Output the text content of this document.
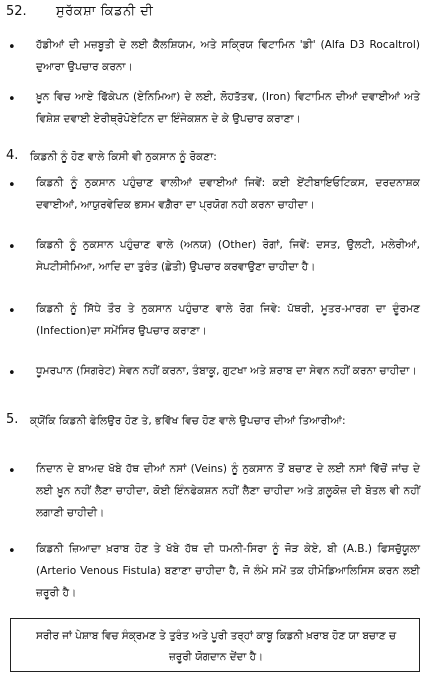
52. ਸੁਰੱਕਸ਼ਾ ਕਿਡਨੀ ਦੀ
• ਹੱਡੀਆਂ ਦੀ ਮਜ਼ਬੂਤੀ ਦੇ ਲਈ ਕੈਲਸ਼ਿਯਮ, ਅਤੇ ਸਕ੍ਰਿਯ ਵਿਟਾਮਿਨ 'ਡੀ' (Alfa D3 Rocaltrol) ਦੁਆਰਾ ਉਪਚਾਰ ਕਰਨਾ।
• ਖ਼ੂਨ ਵਿਚ ਆਏ ਫਿੱਕੇਪਨ (ਏਨਿਮਿਆ) ਦੇ ਲਈ, ਲੋਹਤੱਤਵ, (Iron) ਵਿਟਾਮਿਨ ਦੀਆਂ ਦਵਾਈਆਂ ਅਤੇ ਵਿਸ਼ੇਸ਼ ਦਵਾਈ ਏਰੀਥ੍ਰੋਪੋਏਟਿਨ ਦਾ ਇੰਜੇਕਸ਼ਨ ਦੇ ਕੇ ਉਪਚਾਰ ਕਰਾਣਾ।
4. ਕਿਡਨੀ ਨੂੰ ਹੋਣ ਵਾਲੇ ਕਿਸੀ ਵੀ ਨੁਕਸਾਨ ਨੂੰ ਰੋਕਣਾ:
• ਕਿਡਨੀ ਨੂੰ ਨੁਕਸਾਨ ਪਹੁੰਚਾਣ ਵਾਲੀਆਂ ਦਵਾਈਆਂ ਜਿਵੇਂ: ਕਈ ਏਂਟੀਬਾਇਓਟਿਕਸ, ਦਰਦਨਾਸ਼ਕ ਦਵਾਈਆਂ, ਆਯੁਰਵੇਦਿਕ ਭਸਮ ਵਗ਼ੈਰਾ ਦਾ ਪ੍ਰਯੋਗ ਨਹੀ ਕਰਨਾ ਚਾਹੀਦਾ।
• ਕਿਡਨੀ ਨੂੰ ਨੁਕਸਾਨ ਪਹੁੰਚਾਣ ਵਾਲੇ (ਅਨਯ) (Other) ਰੋਗਾਂ, ਜਿਵੇਂ: ਦਸਤ, ਉਲਟੀ, ਮਲੇਰੀਆਂ, ਸੇਪਟੀਸੀਮਿਆ, ਆਦਿ ਦਾ ਤੁਰੰਤ (ਛੇਤੀ) ਉਪਚਾਰ ਕਰਵਾਉਣਾ ਚਾਹੀਦਾ ਹੈ।
• ਕਿਡਨੀ ਨੂੰ ਸਿੱਧੇ ਤੌਰ ਤੇ ਨੁਕਸਾਨ ਪਹੁੰਚਾਣ ਵਾਲੇ ਰੋਗ ਜਿਵੇ: ਪੱਥਰੀ, ਮੂਤਰ-ਮਾਰਗ ਦਾ ਦੂੰਰਮਣ (Infection)ਦਾ ਸਮੇਂਸਿਰ ਉਪਚਾਰ ਕਰਾਣਾ।
• ਧੂਮਰਪਾਨ (ਸਿਗਰੇਟ) ਸੇਵਨ ਨਹੀਂ ਕਰਨਾ, ਤੰਬਾਕੂ, ਗੁਟਖਾ ਅਤੇ ਸ਼ਰਾਬ ਦਾ ਸੇਵਨ ਨਹੀਂ ਕਰਨਾ ਚਾਹੀਦਾ।
5. ਕ੍ਯੋਂਕਿ ਕਿਡਨੀ ਫੇਲਿਉਰ ਹੋਣ ਤੇ, ਭਵਿੱਖ ਵਿਚ ਹੋਣ ਵਾਲੇ ਉਪਚਾਰ ਦੀਆਂ ਤਿਆਰੀਆਂ:
• ਨਿਦਾਨ ਦੇ ਬਾਅਦ ਖੱਬੇ ਹੱਥ ਦੀਆਂ ਨਸਾਂ (Veins) ਨੂੰ ਨੁਕਸਾਨ ਤੋਂ ਬਚਾਣ ਦੇ ਲਈ ਨਸਾਂ ਵਿੱਚੋਂ ਜਾਂਚ ਦੇ ਲਈ ਖ਼ੂਨ ਨਹੀਂ ਲੈਣਾ ਚਾਹੀਦਾ, ਕੋਈ ਇੰਨਫੇਕਸ਼ਨ ਨਹੀਂ ਲੈਣਾ ਚਾਹੀਦਾ ਅਤੇ ਗ਼ਲੂਕੋਜ਼ ਦੀ ਬੋਤਲ ਵੀ ਨਹੀਂ ਲਗਾਣੀ ਚਾਹੀਦੀ।
• ਕਿਡਨੀ ਜ਼ਿਆਦਾ ਖ਼ਰਾਬ ਹੋਣ ਤੇ ਖੱਬੇ ਹੱਥ ਦੀ ਧਮਨੀ-ਸਿਰਾ ਨੂੰ ਜੋੜ ਕੇਏ, ਬੀ (A.B.) ਫਿਸਚੁੱਯੂਲਾ (Arterio Venous Fistula) ਬਣਾਣਾ ਚਾਹੀਦਾ ਹੈ, ਜੋ ਲੰਮੇ ਸਮੇਂ ਤਕ ਹੀਮੋਡਿਆਲਿਸਿਸ ਕਰਨ ਲਈ ਜ਼ਰੂਰੀ ਹੈ।
ਸਰੀਰ ਜਾਂ ਪੇਸ਼ਾਬ ਵਿਚ ਸੰਕ੍ਰਮਣ ਤੇ ਤੁਰੰਤ ਅਤੇ ਪੂਰੀ ਤਰ੍ਹਾਂ ਕਾਬੂ ਕਿਡਨੀ ਖ਼ਰਾਬ ਹੋਣ ਯਾ ਬਚਾਣ ਚ ਜ਼ਰੂਰੀ ਯੋਗਦਾਨ ਦੇਂਦਾ ਹੈ।
